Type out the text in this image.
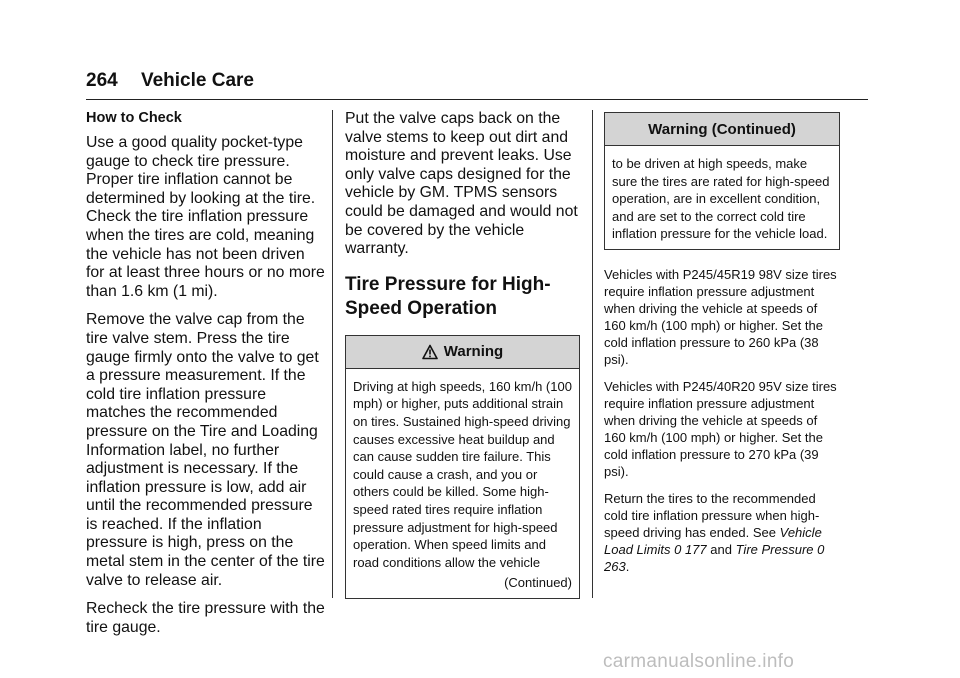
264 Vehicle Care
How to Check

Use a good quality pocket-type gauge to check tire pressure. Proper tire inflation cannot be determined by looking at the tire. Check the tire inflation pressure when the tires are cold, meaning the vehicle has not been driven for at least three hours or no more than 1.6 km (1 mi).

Remove the valve cap from the tire valve stem. Press the tire gauge firmly onto the valve to get a pressure measurement. If the cold tire inflation pressure matches the recommended pressure on the Tire and Loading Information label, no further adjustment is necessary. If the inflation pressure is low, add air until the recommended pressure is reached. If the inflation pressure is high, press on the metal stem in the center of the tire valve to release air.

Recheck the tire pressure with the tire gauge.

Put the valve caps back on the valve stems to keep out dirt and moisture and prevent leaks. Use only valve caps designed for the vehicle by GM. TPMS sensors could be damaged and would not be covered by the vehicle warranty.

Tire Pressure for High-Speed Operation
Warning
Driving at high speeds, 160 km/h (100 mph) or higher, puts additional strain on tires. Sustained high-speed driving causes excessive heat buildup and can cause sudden tire failure. This could cause a crash, and you or others could be killed. Some high-speed rated tires require inflation pressure adjustment for high-speed operation. When speed limits and road conditions allow the vehicle
(Continued)
Warning (Continued)
to be driven at high speeds, make sure the tires are rated for high-speed operation, are in excellent condition, and are set to the correct cold tire inflation pressure for the vehicle load.

Vehicles with P245/45R19 98V size tires require inflation pressure adjustment when driving the vehicle at speeds of 160 km/h (100 mph) or higher. Set the cold inflation pressure to 260 kPa (38 psi).

Vehicles with P245/40R20 95V size tires require inflation pressure adjustment when driving the vehicle at speeds of 160 km/h (100 mph) or higher. Set the cold inflation pressure to 270 kPa (39 psi).

Return the tires to the recommended cold tire inflation pressure when high-speed driving has ended. See Vehicle Load Limits 0 177 and Tire Pressure 0 263.

carmanualsonline.info
